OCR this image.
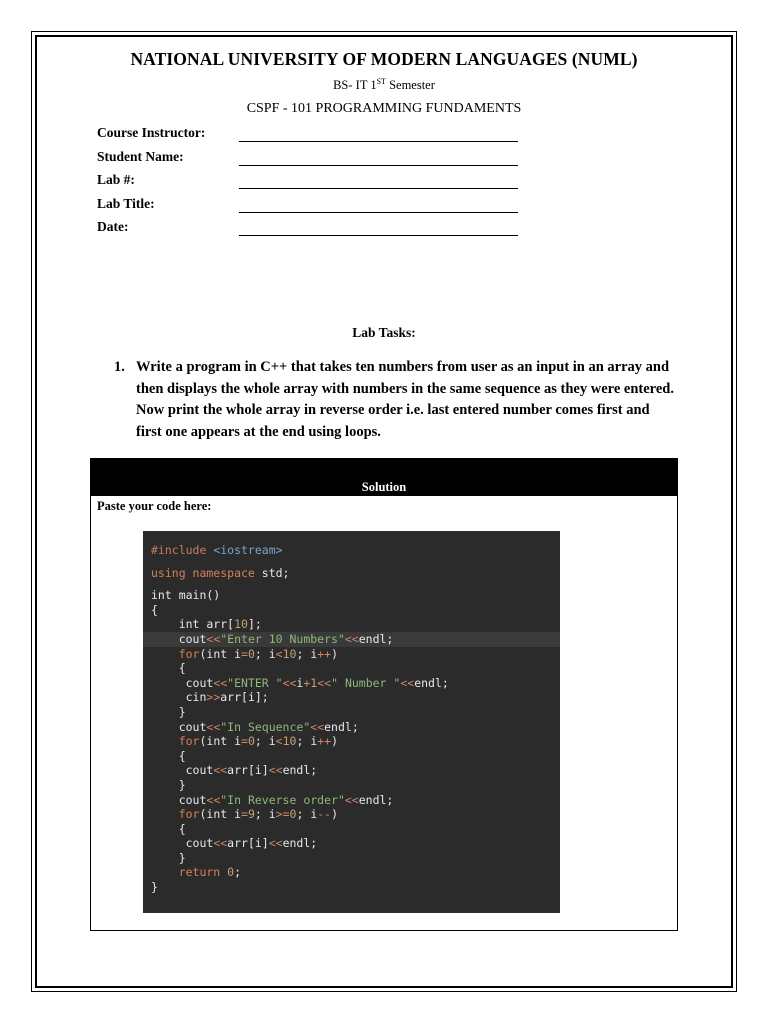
NATIONAL UNIVERSITY OF MODERN LANGUAGES (NUML)
BS- IT 1ST Semester
CSPF - 101 PROGRAMMING FUNDAMENTS
Course Instructor:
Student Name:
Lab #:
Lab Title:
Date:
Lab Tasks:
1. Write a program in C++ that takes ten numbers from user as an input in an array and then displays the whole array with numbers in the same sequence as they were entered. Now print the whole array in reverse order i.e. last entered number comes first and first one appears at the end using loops.
Solution
Paste your code here:
#include <iostream>
using namespace std;
int main()
{
int arr[10];
cout<<"Enter 10 Numbers"<<endl;
for(int i=0; i<10; i++)
{
cout<<"ENTER "<<i+1<<" Number "<<endl;
cin>>arr[i];
}
cout<<"In Sequence"<<endl;
for(int i=0; i<10; i++)
{
cout<<arr[i]<<endl;
}
cout<<"In Reverse order"<<endl;
for(int i=9; i>=0; i--)
{
cout<<arr[i]<<endl;
}
return 0;
}
